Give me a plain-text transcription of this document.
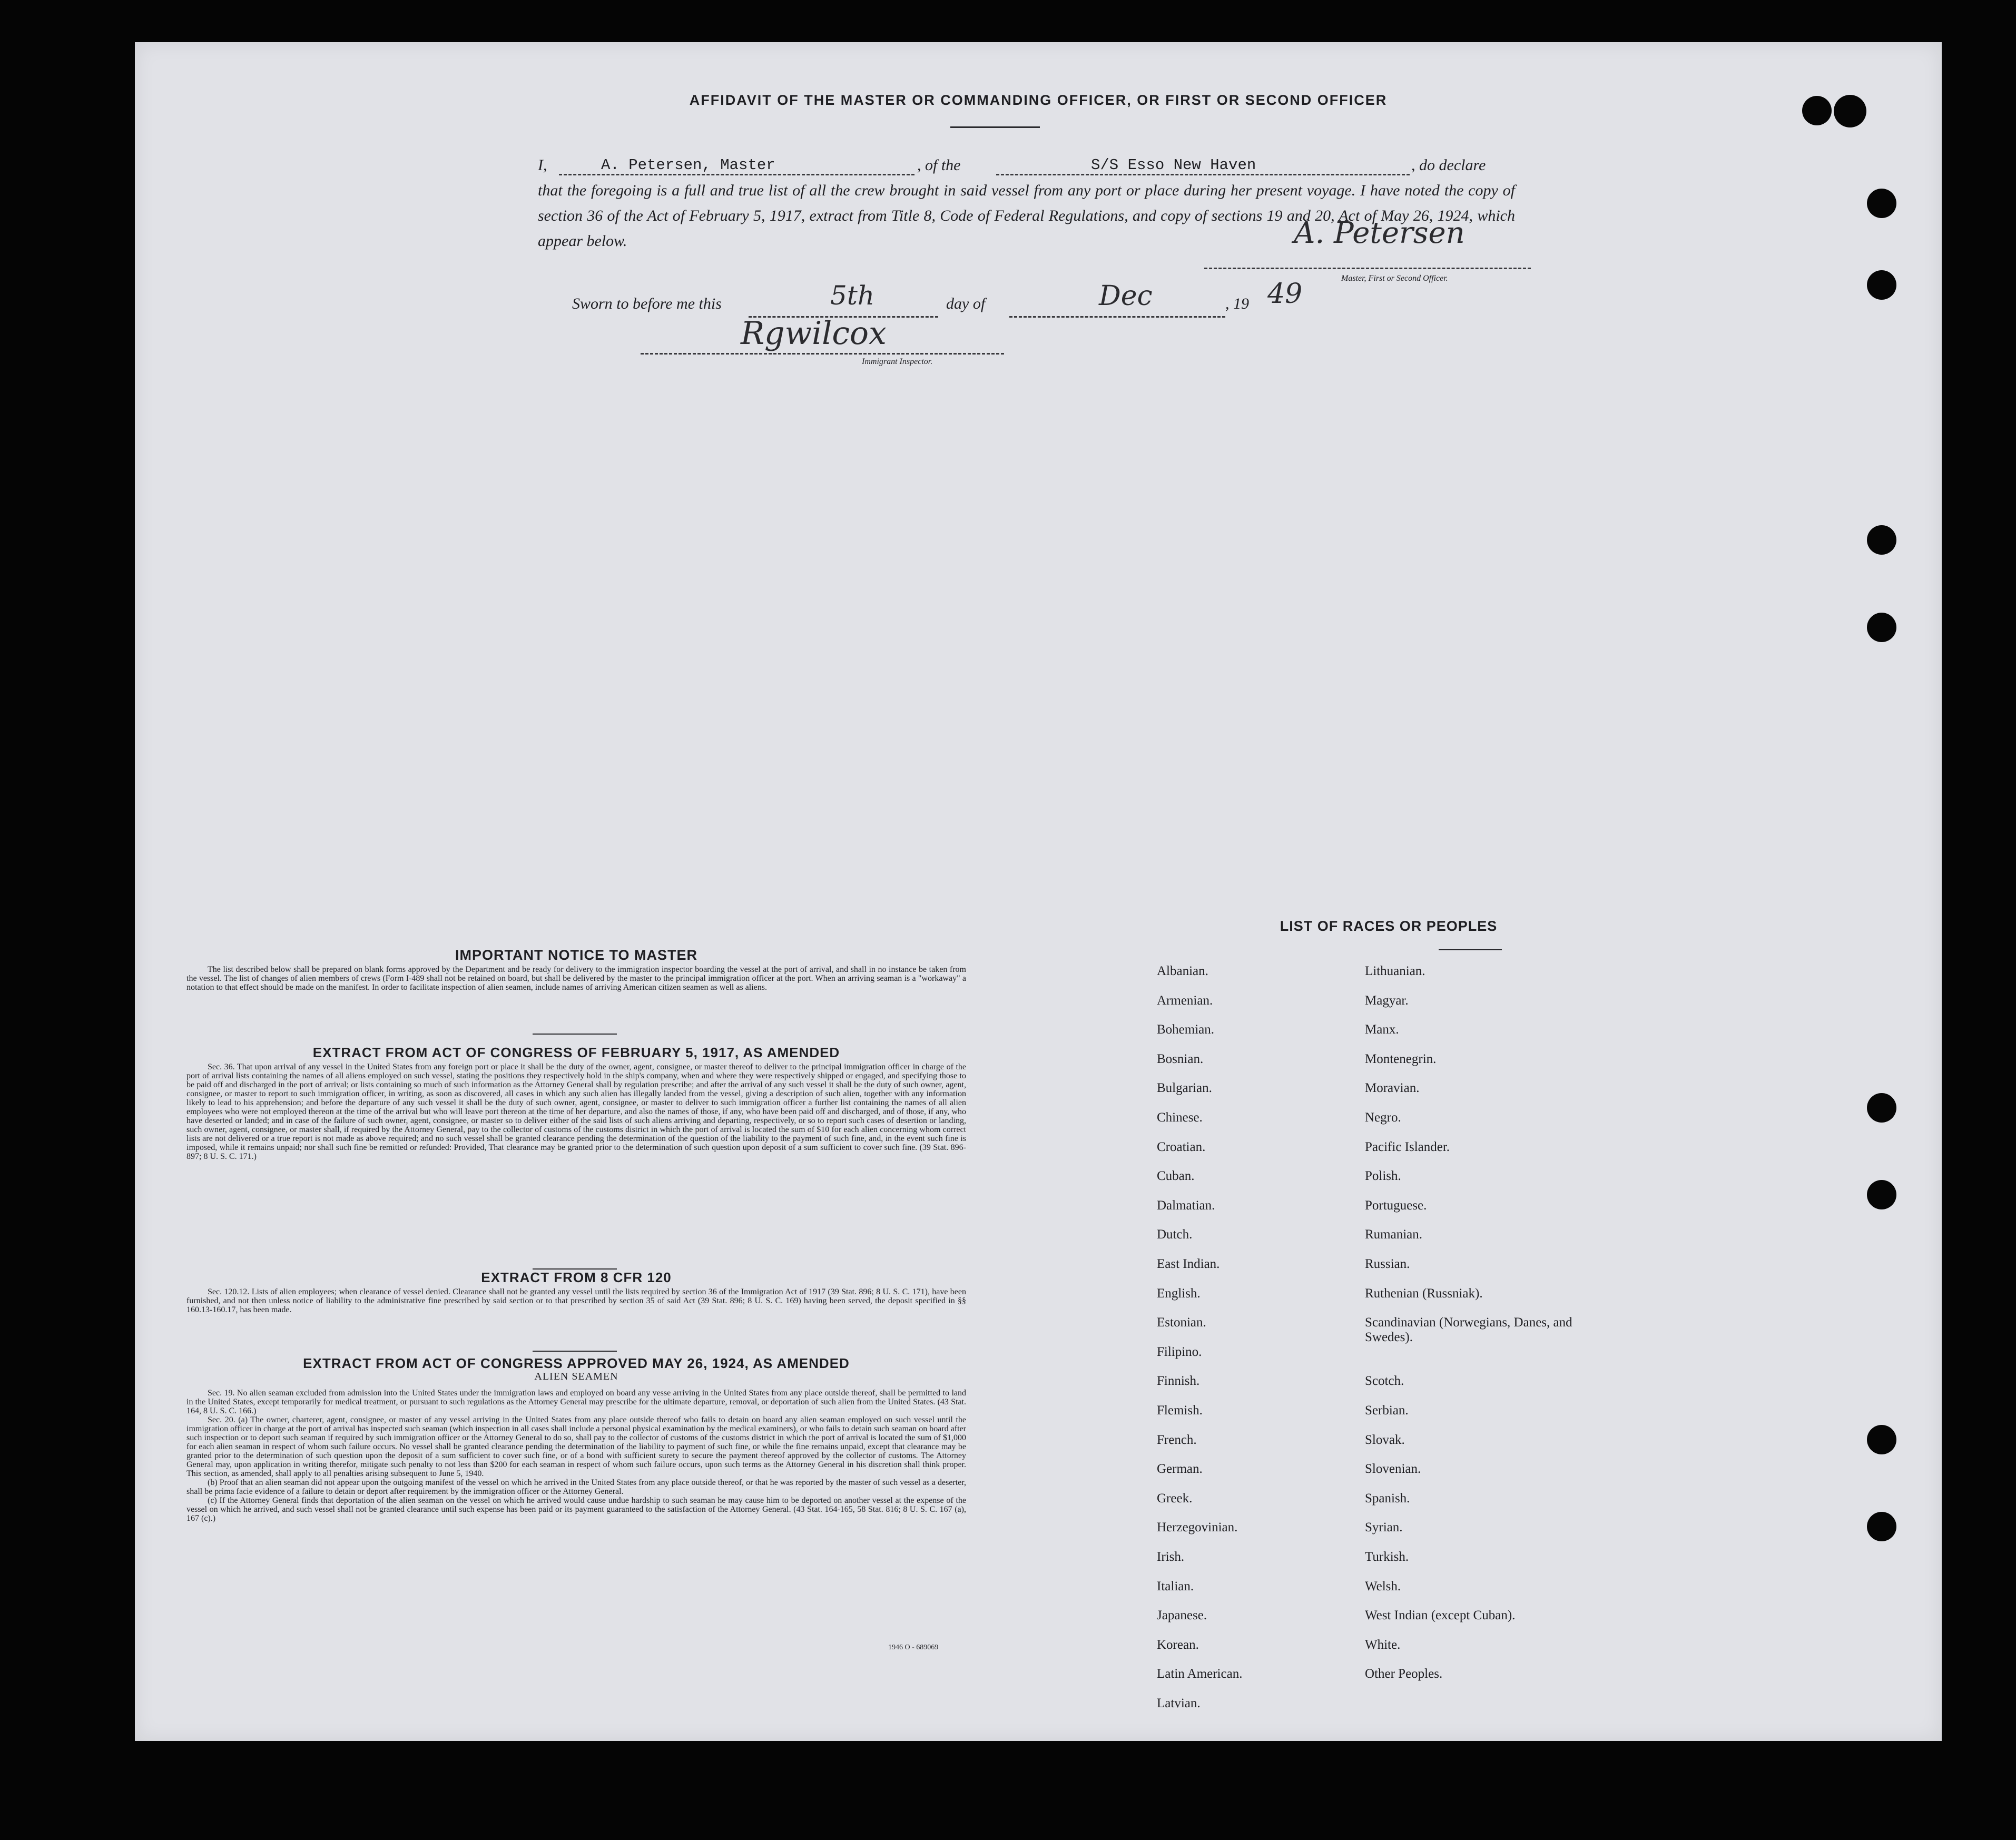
AFFIDAVIT OF THE MASTER OR COMMANDING OFFICER, OR FIRST OR SECOND OFFICER
I,	A. Petersen, Master	, of the	S/S Esso New Haven	, do declare
that the foregoing is a full and true list of all the crew brought in said vessel from any port or place during her present voyage. I have noted the copy of section 36 of the Act of February 5, 1917, extract from Title 8, Code of Federal Regulations, and copy of sections 19 and 20, Act of May 26, 1924, which appear below.	A. Petersen
Master, First or Second Officer.
Sworn to before me this	5th	day of	Dec	, 19 49
Rgwilcox
Immigrant Inspector.
IMPORTANT NOTICE TO MASTER
The list described below shall be prepared on blank forms approved by the Department and be ready for delivery to the immigration inspector boarding the vessel at the port of arrival, and shall in no instance be taken from the vessel. The list of changes of alien members of crews (Form I-489 shall not be retained on board, but shall be delivered by the master to the principal immigration officer at the port. When an arriving seaman is a "workaway" a notation to that effect should be made on the manifest. In order to facilitate inspection of alien seamen, include names of arriving American citizen seamen as well as aliens.
EXTRACT FROM ACT OF CONGRESS OF FEBRUARY 5, 1917, AS AMENDED
Sec. 36. That upon arrival of any vessel in the United States from any foreign port or place it shall be the duty of the owner, agent, consignee, or master thereof to deliver to the principal immigration officer in charge of the port of arrival lists containing the names of all aliens employed on such vessel, stating the positions they respectively hold in the ship's company, when and where they were respectively shipped or engaged, and specifying those to be paid off and discharged in the port of arrival; or lists containing so much of such information as the Attorney General shall by regulation prescribe; and after the arrival of any such vessel it shall be the duty of such owner, agent, consignee, or master to report to such immigration officer, in writing, as soon as discovered, all cases in which any such alien has illegally landed from the vessel, giving a description of such alien, together with any information likely to lead to his apprehension; and before the departure of any such vessel it shall be the duty of such owner, agent, consignee, or master to deliver to such immigration officer a further list containing the names of all alien employees who were not employed thereon at the time of the arrival but who will leave port thereon at the time of her departure, and also the names of those, if any, who have been paid off and discharged, and of those, if any, who have deserted or landed; and in case of the failure of such owner, agent, consignee, or master so to deliver either of the said lists of such aliens arriving and departing, respectively, or so to report such cases of desertion or landing, such owner, agent, consignee, or master shall, if required by the Attorney General, pay to the collector of customs of the customs district in which the port of arrival is located the sum of $10 for each alien concerning whom correct lists are not delivered or a true report is not made as above required; and no such vessel shall be granted clearance pending the determination of the question of the liability to the payment of such fine, and, in the event such fine is imposed, while it remains unpaid; nor shall such fine be remitted or refunded: Provided, That clearance may be granted prior to the determination of such question upon deposit of a sum sufficient to cover such fine. (39 Stat. 896-897; 8 U. S. C. 171.)
EXTRACT FROM 8 CFR 120
Sec. 120.12. Lists of alien employees; when clearance of vessel denied. Clearance shall not be granted any vessel until the lists required by section 36 of the Immigration Act of 1917 (39 Stat. 896; 8 U. S. C. 171), have been furnished, and not then unless notice of liability to the administrative fine prescribed by said section or to that prescribed by section 35 of said Act (39 Stat. 896; 8 U. S. C. 169) having been served, the deposit specified in §§ 160.13-160.17, has been made.
EXTRACT FROM ACT OF CONGRESS APPROVED MAY 26, 1924, AS AMENDED
ALIEN SEAMEN
Sec. 19. No alien seaman excluded from admission into the United States under the immigration laws and employed on board any vesse arriving in the United States from any place outside thereof, shall be permitted to land in the United States, except temporarily for medical treatment, or pursuant to such regulations as the Attorney General may prescribe for the ultimate departure, removal, or deportation of such alien from the United States. (43 Stat. 164, 8 U. S. C. 166.)
Sec. 20. (a) The owner, charterer, agent, consignee, or master of any vessel arriving in the United States from any place outside thereof who fails to detain on board any alien seaman employed on such vessel until the immigration officer in charge at the port of arrival has inspected such seaman (which inspection in all cases shall include a personal physical examination by the medical examiners), or who fails to detain such seaman on board after such inspection or to deport such seaman if required by such immigration officer or the Attorney General to do so, shall pay to the collector of customs of the customs district in which the port of arrival is located the sum of $1,000 for each alien seaman in respect of whom such failure occurs. No vessel shall be granted clearance pending the determination of the liability to payment of such fine, or while the fine remains unpaid, except that clearance may be granted prior to the determination of such question upon the deposit of a sum sufficient to cover such fine, or of a bond with sufficient surety to secure the payment thereof approved by the collector of customs. The Attorney General may, upon application in writing therefor, mitigate such penalty to not less than $200 for each seaman in respect of whom such failure occurs, upon such terms as the Attorney General in his discretion shall think proper. This section, as amended, shall apply to all penalties arising subsequent to June 5, 1940.
(b) Proof that an alien seaman did not appear upon the outgoing manifest of the vessel on which he arrived in the United States from any place outside thereof, or that he was reported by the master of such vessel as a deserter, shall be prima facie evidence of a failure to detain or deport after requirement by the immigration officer or the Attorney General.
(c) If the Attorney General finds that deportation of the alien seaman on the vessel on which he arrived would cause undue hardship to such seaman he may cause him to be deported on another vessel at the expense of the vessel on which he arrived, and such vessel shall not be granted clearance until such expense has been paid or its payment guaranteed to the satisfaction of the Attorney General. (43 Stat. 164-165, 58 Stat. 816; 8 U. S. C. 167 (a), 167 (c).)
1946 O - 689069
LIST OF RACES OR PEOPLES
Albanian.
Armenian.
Bohemian.
Bosnian.
Bulgarian.
Chinese.
Croatian.
Cuban.
Dalmatian.
Dutch.
East Indian.
English.
Estonian.
Filipino.
Finnish.
Flemish.
French.
German.
Greek.
Herzegovinian.
Irish.
Italian.
Japanese.
Korean.
Latin American.
Latvian.
Lithuanian.
Magyar.
Manx.
Montenegrin.
Moravian.
Negro.
Pacific Islander.
Polish.
Portuguese.
Rumanian.
Russian.
Ruthenian (Russniak).
Scandinavian (Norwegians, Danes, and Swedes).
Scotch.
Serbian.
Slovak.
Slovenian.
Spanish.
Syrian.
Turkish.
Welsh.
West Indian (except Cuban).
White.
Other Peoples.
